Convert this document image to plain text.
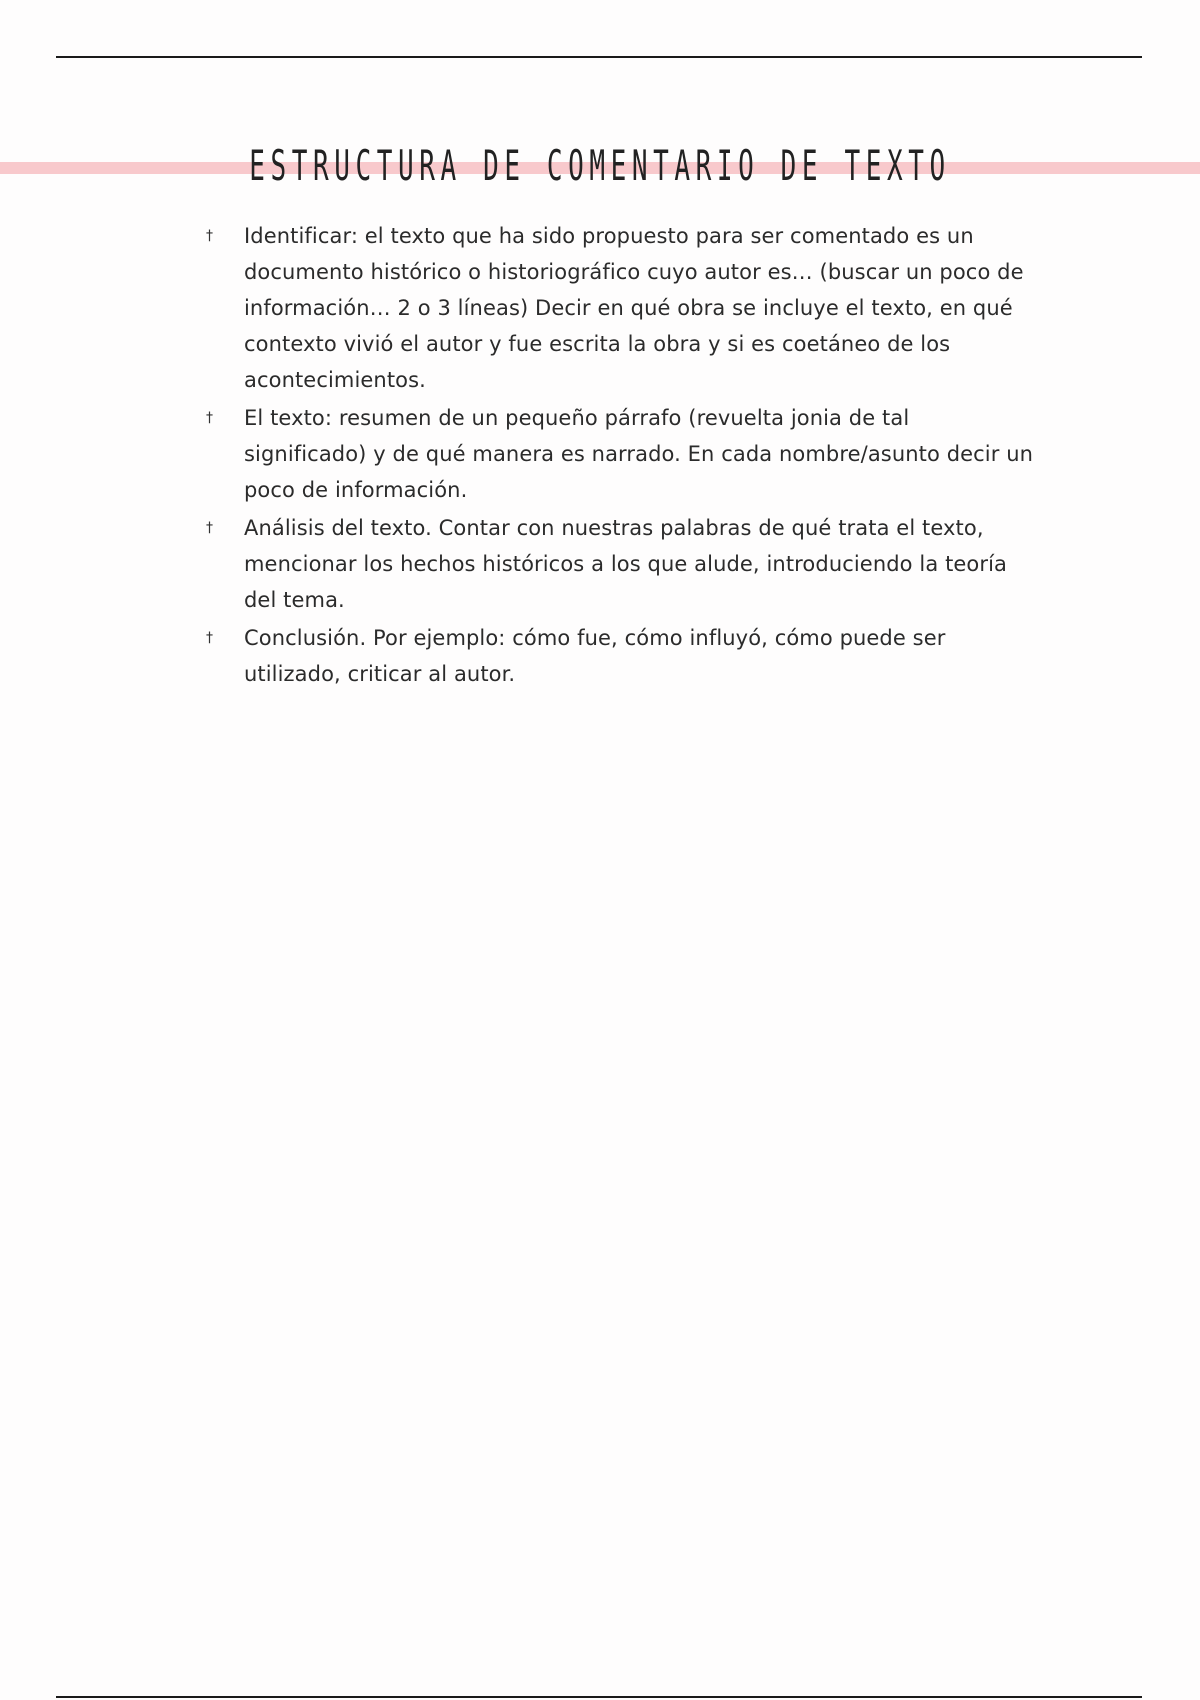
ESTRUCTURA DE COMENTARIO DE TEXTO
† Identificar: el texto que ha sido propuesto para ser comentado es un documento histórico o historiográfico cuyo autor es… (buscar un poco de información… 2 o 3 líneas) Decir en qué obra se incluye el texto, en qué contexto vivió el autor y fue escrita la obra y si es coetáneo de los acontecimientos.
† El texto: resumen de un pequeño párrafo (revuelta jonia de tal significado) y de qué manera es narrado. En cada nombre/asunto decir un poco de información.
† Análisis del texto. Contar con nuestras palabras de qué trata el texto, mencionar los hechos históricos a los que alude, introduciendo la teoría del tema.
† Conclusión. Por ejemplo: cómo fue, cómo influyó, cómo puede ser utilizado, criticar al autor.
